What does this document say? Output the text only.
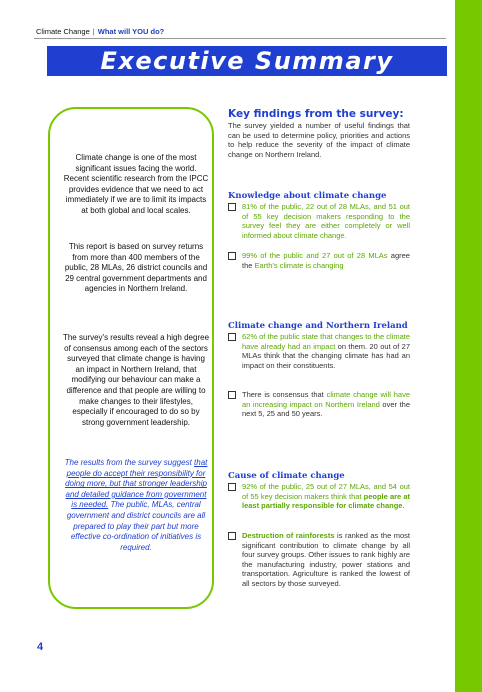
Climate Change | What will YOU do?
Executive Summary
Climate change is one of the most significant issues facing the world. Recent scientific research from the IPCC provides evidence that we need to act immediately if we are to limit its impacts at both global and local scales.
This report is based on survey returns from more than 400 members of the public, 28 MLAs, 26 district councils and 29 central government departments and agencies in Northern Ireland.
The survey's results reveal a high degree of consensus among each of the sectors surveyed that climate change is having an impact in Northern Ireland, that modifying our behaviour can make a difference and that people are willing to make changes to their lifestyles, especially if encouraged to do so by strong government leadership.
The results from the survey suggest that people do accept their responsibility for doing more, but that stronger leadership and detailed guidance from government is needed. The public, MLAs, central government and district councils are all prepared to play their part but more effective co-ordination of initiatives is required.
Key findings from the survey:
The survey yielded a number of useful findings that can be used to determine policy, priorities and actions to help reduce the severity of the impact of climate change on Northern Ireland.
Knowledge about climate change
81% of the public, 22 out of 28 MLAs, and 51 out of 55 key decision makers responding to the survey feel they are either completely or well informed about climate change.
99% of the public and 27 out of 28 MLAs agree the Earth's climate is changing
Climate change and Northern Ireland
62% of the public state that changes to the climate have already had an impact on them. 20 out of 27 MLAs think that the changing climate has had an impact on their constituents.
There is consensus that climate change will have an increasing impact on Northern Ireland over the next 5, 25 and 50 years.
Cause of climate change
92% of the public, 25 out of 27 MLAs, and 54 out of 55 key decision makers think that people are at least partially responsible for climate change.
Destruction of rainforests is ranked as the most significant contribution to climate change by all four survey groups. Other issues to rank highly are the manufacturing industry, power stations and transportation. Agriculture is ranked the lowest of all sectors by those surveyed.
4
